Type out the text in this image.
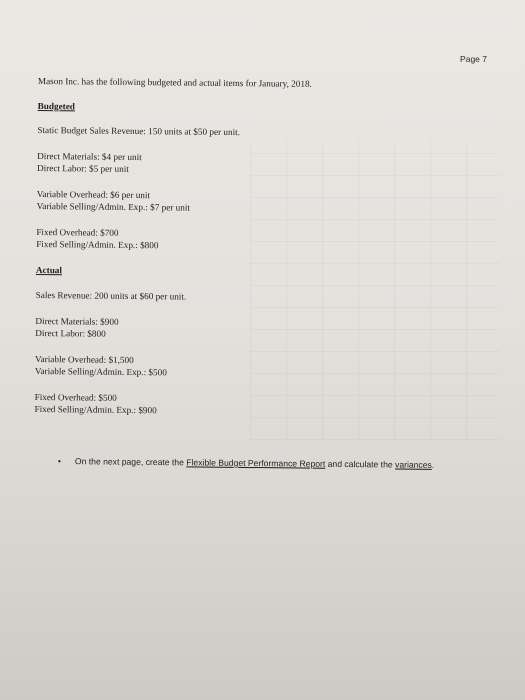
Page 7
Mason Inc. has the following budgeted and actual items for January, 2018.
Budgeted
Static Budget Sales Revenue: 150 units at $50 per unit.
Direct Materials: $4 per unit
Direct Labor: $5 per unit
Variable Overhead: $6 per unit
Variable Selling/Admin. Exp.: $7 per unit
Fixed Overhead: $700
Fixed Selling/Admin. Exp.: $800
Actual
Sales Revenue: 200 units at $60 per unit.
Direct Materials: $900
Direct Labor: $800
Variable Overhead: $1,500
Variable Selling/Admin. Exp.: $500
Fixed Overhead: $500
Fixed Selling/Admin. Exp.: $900
• On the next page, create the Flexible Budget Performance Report and calculate the variances.
